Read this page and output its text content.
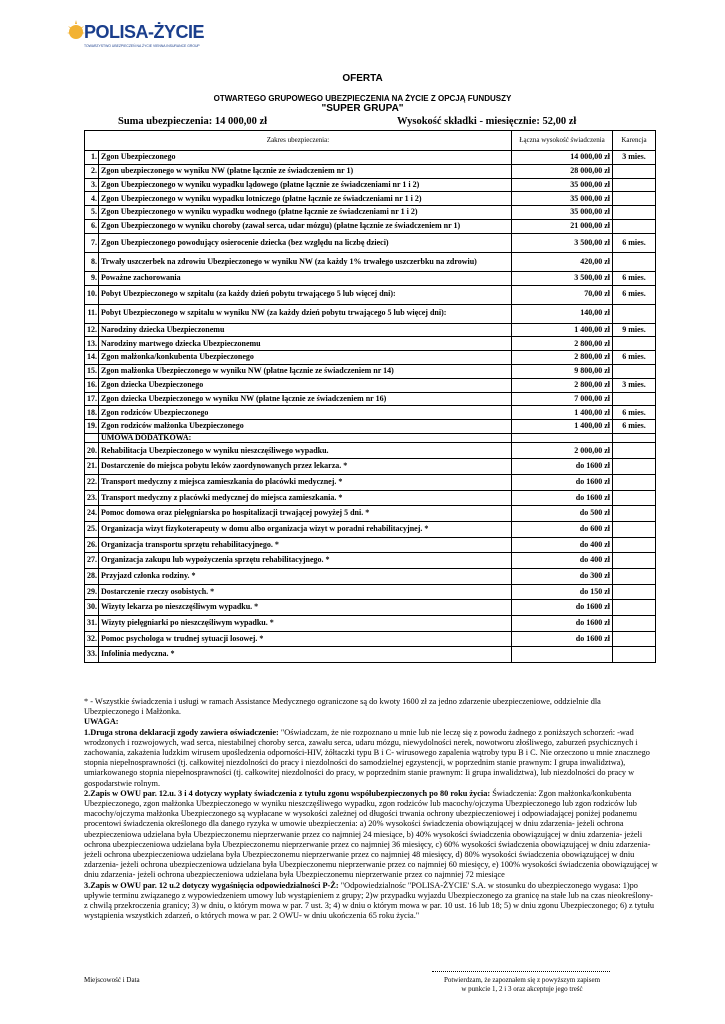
POLISA-ŻYCIE
TOWARZYSTWO UBEZPIECZEŃ NA ŻYCIE VIENNA INSURANCE GROUP
OFERTA
OTWARTEGO GRUPOWEGO UBEZPIECZENIA NA ŻYCIE Z OPCJĄ FUNDUSZY
"SUPER GRUPA"
Suma ubezpieczenia: 14 000,00 zł	Wysokość składki - miesięcznie: 52,00 zł
Zakres ubezpieczenia:		Łączna wysokość świadczenia	Karencja
1.	Zgon Ubezpieczonego	14 000,00 zł	3 mies.
2.	Zgon ubezpieczonego w wyniku NW (płatne łącznie ze świadczeniem nr 1)	28 000,00 zł	
3.	Zgon Ubezpieczonego w wyniku wypadku lądowego (płatne łącznie ze świadczeniami nr 1 i 2)	35 000,00 zł	
4.	Zgon Ubezpieczonego w wyniku wypadku lotniczego (płatne łącznie ze świadczeniami nr 1 i 2)	35 000,00 zł	
5.	Zgon Ubezpieczonego w wyniku wypadku wodnego (płatne łącznie ze świadczeniami nr 1 i 2)	35 000,00 zł	
6.	Zgon Ubezpieczonego w wyniku choroby (zawał serca, udar mózgu) (płatne łącznie ze świadczeniem nr 1)	21 000,00 zł	
7.	Zgon Ubezpieczonego powodujący osierocenie dziecka (bez względu na liczbę dzieci)	3 500,00 zł	6 mies.
8.	Trwały uszczerbek na zdrowiu Ubezpieczonego w wyniku NW (za każdy 1% trwałego uszczerbku na zdrowiu)	420,00 zł	
9.	Poważne zachorowania	3 500,00 zł	6 mies.
10.	Pobyt Ubezpieczonego w szpitalu (za każdy dzień pobytu trwającego 5 lub więcej dni):	70,00 zł	6 mies.
11.	Pobyt Ubezpieczonego w szpitalu w wyniku NW (za każdy dzień pobytu trwającego 5 lub więcej dni):	140,00 zł	
12.	Narodziny dziecka Ubezpieczonemu	1 400,00 zł	9 mies.
13.	Narodziny martwego dziecka Ubezpieczonemu	2 800,00 zł	
14.	Zgon małżonka/konkubenta Ubezpieczonego	2 800,00 zł	6 mies.
15.	Zgon małżonka Ubezpieczonego w wyniku NW (płatne łącznie ze świadczeniem nr 14)	9 800,00 zł	
16.	Zgon dziecka Ubezpieczonego	2 800,00 zł	3 mies.
17.	Zgon dziecka Ubezpieczonego w wyniku NW (płatne łącznie ze świadczeniem nr 16)	7 000,00 zł	
18.	Zgon rodziców Ubezpieczonego	1 400,00 zł	6 mies.
19.	Zgon rodziców małżonka Ubezpieczonego	1 400,00 zł	6 mies.
	UMOWA DODATKOWA:		
20.	Rehabilitacja Ubezpieczonego w wyniku nieszczęśliwego wypadku.	2 000,00 zł	
21.	Dostarczenie do miejsca pobytu leków zaordynowanych przez lekarza. *	do 1600 zł	
22.	Transport medyczny z miejsca zamieszkania do placówki medycznej. *	do 1600 zł	
23.	Transport medyczny z placówki medycznej do miejsca zamieszkania. *	do 1600 zł	
24.	Pomoc domowa oraz pielęgniarska po hospitalizacji trwającej powyżej 5 dni. *	do 500 zł	
25.	Organizacja wizyt fizykoterapeuty w domu albo organizacja wizyt w poradni rehabilitacyjnej. *	do 600 zł	
26.	Organizacja transportu sprzętu rehabilitacyjnego. *	do 400 zł	
27.	Organizacja zakupu lub wypożyczenia sprzętu rehabilitacyjnego. *	do 400 zł	
28.	Przyjazd członka rodziny. *	do 300 zł	
29.	Dostarczenie rzeczy osobistych. *	do 150 zł	
30.	Wizyty lekarza po nieszczęśliwym wypadku. *	do 1600 zł	
31.	Wizyty pielęgniarki po nieszczęśliwym wypadku. *	do 1600 zł	
32.	Pomoc psychologa w trudnej sytuacji losowej. *	do 1600 zł	
33.	Infolinia medyczna. *		

* - Wszystkie świadczenia i usługi w ramach Assistance Medycznego ograniczone są do kwoty 1600 zł za jedno zdarzenie ubezpieczeniowe, oddzielnie dla Ubezpieczonego i Małżonka.

UWAGA:

1.Druga strona deklaracji zgody zawiera oświadczenie: "Oświadczam, że nie rozpoznano u mnie lub nie leczę się z powodu żadnego z poniższych schorzeń: -wad wrodzonych i rozwojowych, wad serca, niestabilnej choroby serca, zawału serca, udaru mózgu, niewydolności nerek, nowotworu złośliwego, zaburzeń psychicznych i zachowania, zakażenia ludzkim wirusem upośledzenia odporności-HIV, żółtaczki typu B i C- wirusowego zapalenia wątroby typu B i C. Nie orzeczono u mnie znacznego stopnia niepełnosprawności (tj. całkowitej niezdolności do pracy i niezdolności do samodzielnej egzystencji, w poprzednim stanie prawnym: I grupa inwalidztwa), umiarkowanego stopnia niepełnosprawności (tj. całkowitej niezdolności do pracy, w poprzednim stanie prawnym: Ii grupa inwalidztwa), lub niezdolności do pracy w gospodarstwie rolnym.

2.Zapis w OWU par. 12.u. 3 i 4 dotyczy wypłaty świadczenia z tytułu zgonu współubezpieczonych po 80 roku życia: Świadczenia: Zgon małżonka/konkubenta Ubezpieczonego, zgon małżonka Ubezpieczonego w wyniku nieszczęśliwego wypadku, zgon rodziców lub macochy/ojczyma Ubezpieczonego lub zgon rodziców lub macochy/ojczyma małżonka Ubezpieczonego są wypłacane w wysokości zależnej od długości trwania ochrony ubezpieczeniowej i odpowiadającej poniżej podanemu procentowi świadczenia określonego dla danego ryzyka w umowie ubezpieczenia: a) 20% wysokości świadczenia obowiązującej w dniu zdarzenia- jeżeli ochrona ubezpieczeniowa udzielana była Ubezpieczonemu nieprzerwanie przez co najmniej 24 miesiące, b) 40% wysokości świadczenia obowiązującej w dniu zdarzenia- jeżeli ochrona ubezpieczeniowa udzielana była Ubezpieczonemu nieprzerwanie przez co najmniej 36 miesięcy, c) 60% wysokości świadczenia obowiązującej w dniu zdarzenia- jeżeli ochrona ubezpieczeniowa udzielana była Ubezpieczonemu nieprzerwanie przez co najmniej 48 miesięcy, d) 80% wysokości świadczenia obowiązującej w dniu zdarzenia- jeżeli ochrona ubezpieczeniowa udzielana była Ubezpieczonemu nieprzerwanie przez co najmniej 60 miesięcy, e) 100% wysokości świadczenia obowiązującej w dniu zdarzenia- jeżeli ochrona ubezpieczeniowa udzielana była Ubezpieczonemu nieprzerwanie przez co najmniej 72 miesiące

3.Zapis w OWU par. 12 u.2 dotyczy wygaśnięcia odpowiedzialności P-Ż: "Odpowiedzialnośc "POLISA-ŻYCIE' S.A. w stosunku do ubezpieczonego wygasa: 1)po upływie terminu związanego z wypowiedzeniem umowy lub wystąpieniem z grupy; 2)w przypadku wyjazdu Ubezpieczonego za granicę na stałe lub na czas nieokreślony- z chwilą przekroczenia granicy; 3) w dniu, o którym mowa w par. 7 ust. 3; 4) w dniu o którym mowa w par. 10 ust. 16 lub 18; 5) w dniu zgonu Ubezpieczonego; 6) z tytułu wystąpienia wszystkich zdarzeń, o których mowa w par. 2 OWU- w dniu ukończenia 65 roku życia."

Miejscowość i Data	Potwierdzam, że zapoznałem się z powyższym zapisem
w punkcie 1, 2 i 3 oraz akceptuje jego treść
